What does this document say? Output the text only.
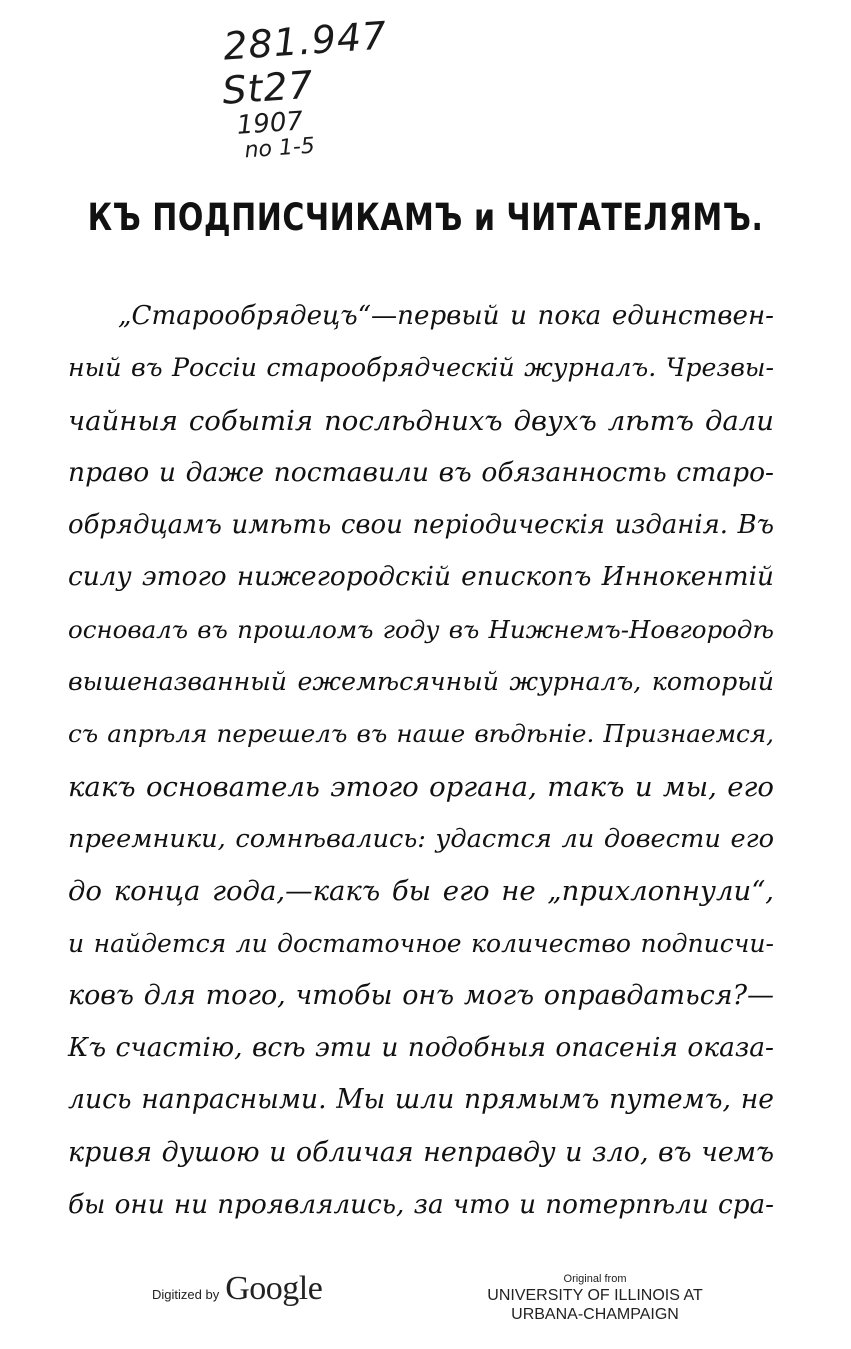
281.947
St27
1907
no 1-5
КЪ ПОДПИСЧИКАМЪ и ЧИТАТЕЛЯМЪ.
„Старообрядецъ“—первый и пока единствен-
ный въ Россіи старообрядческій журналъ. Чрезвы-
чайныя событія послѣднихъ двухъ лѣтъ дали
право и даже поставили въ обязанность старо-
обрядцамъ имѣть свои періодическія изданія. Въ
силу этого нижегородскій епископъ Иннокентій
основалъ въ прошломъ году въ Нижнемъ-Новгородѣ
вышеназванный ежемѣсячный журналъ, который
съ апрѣля перешелъ въ наше вѣдѣніе. Признаемся,
какъ основатель этого органа, такъ и мы, его
преемники, сомнѣвались: удастся ли довести его
до конца года,—какъ бы его не „прихлопнули“,
и найдется ли достаточное количество подписчи-
ковъ для того, чтобы онъ могъ оправдаться?—
Къ счастію, всѣ эти и подобныя опасенія оказа-
лись напрасными. Мы шли прямымъ путемъ, не
кривя душою и обличая неправду и зло, въ чемъ
бы они ни проявлялись, за что и потерпѣли сра-
Digitized by Google	Original from
UNIVERSITY OF ILLINOIS AT
URBANA-CHAMPAIGN
